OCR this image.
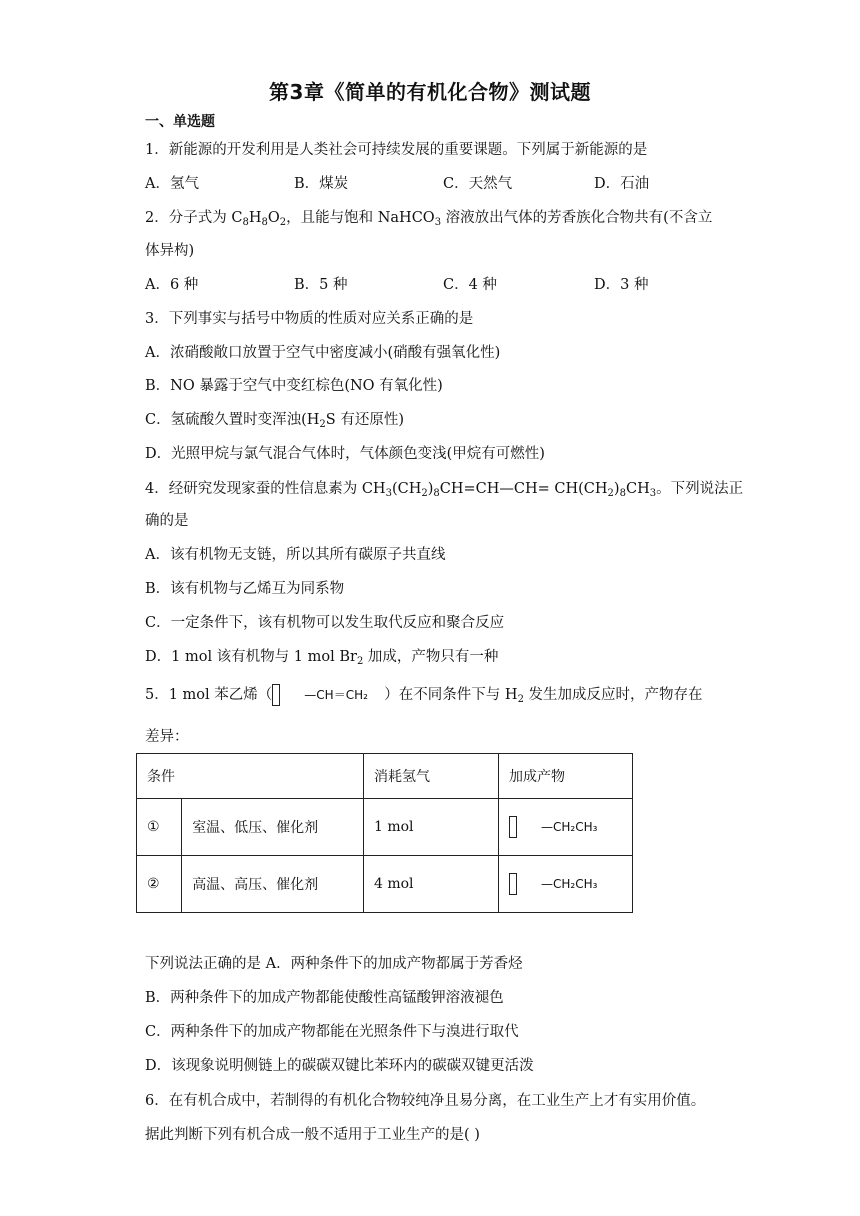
第3章《简单的有机化合物》测试题
一、单选题
1．新能源的开发利用是人类社会可持续发展的重要课题。下列属于新能源的是
A．氢气	B．煤炭	C．天然气	D．石油
2．分子式为 $C_8H_8O_2$，且能与饱和 NaHCO$_3$ 溶液放出气体的芳香族化合物共有(不含立
体异构)
A．6 种	B．5 种	C．4 种	D．3 种
3．下列事实与括号中物质的性质对应关系正确的是
A．浓硝酸敞口放置于空气中密度减小(硝酸有强氧化性)
B．NO 暴露于空气中变红棕色(NO 有氧化性)
C．氢硫酸久置时变浑浊($H_2S$ 有还原性)
D．光照甲烷与氯气混合气体时，气体颜色变浅(甲烷有可燃性)
4．经研究发现家蚕的性信息素为 $CH_3(CH_2)_8CH=CH—CH= CH(CH_2)_8CH_3$。下列说法正
确的是
A．该有机物无支链，所以其所有碳原子共直线
B．该有机物与乙烯互为同系物
C．一定条件下，该有机物可以发生取代反应和聚合反应
D．1 mol 该有机物与 1 mol $Br_2$ 加成，产物只有一种
5．1 mol 苯乙烯（	—CH＝CH₂ ）在不同条件下与 $H_2$ 发生加成反应时，产物存在
差异：
条件		消耗氢气	加成产物
①	室温、低压、催化剂	1 mol	—CH₂CH₃
②	高温、高压、催化剂	4 mol	—CH₂CH₃
下列说法正确的是 A．两种条件下的加成产物都属于芳香烃
B．两种条件下的加成产物都能使酸性高锰酸钾溶液褪色
C．两种条件下的加成产物都能在光照条件下与溴进行取代
D．该现象说明侧链上的碳碳双键比苯环内的碳碳双键更活泼
6．在有机合成中，若制得的有机化合物较纯净且易分离，在工业生产上才有实用价值。
据此判断下列有机合成一般不适用于工业生产的是( )
